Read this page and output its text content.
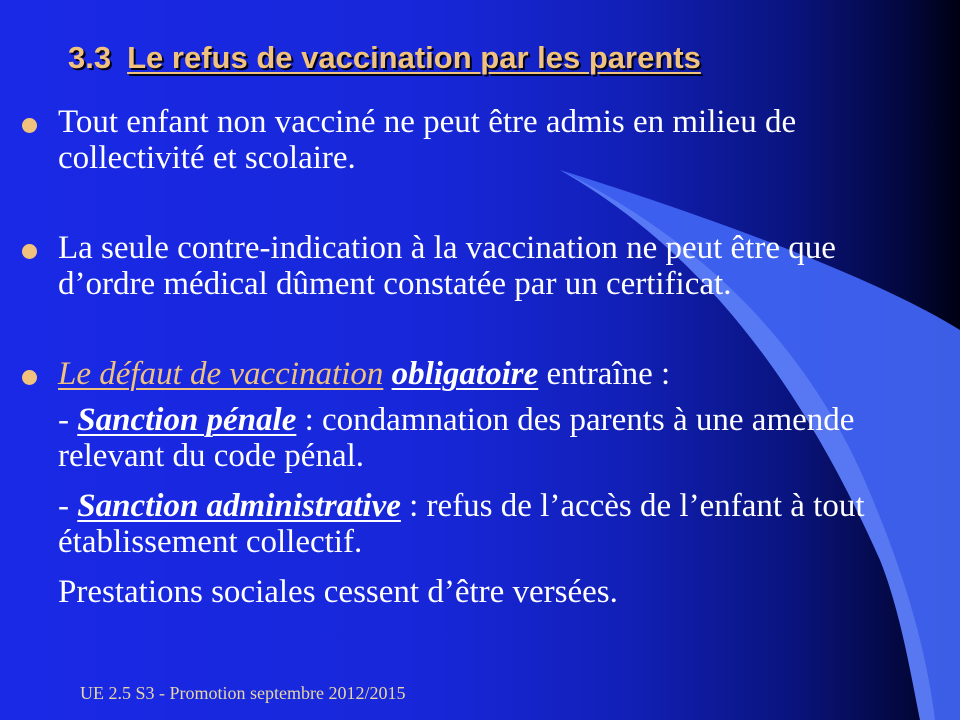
3.3 Le refus de vaccination par les parents

Tout enfant non vacciné ne peut être admis en milieu de collectivité et scolaire.

La seule contre-indication à la vaccination ne peut être que d’ordre médical dûment constatée par un certificat.

Le défaut de vaccination obligatoire entraîne :

- Sanction pénale : condamnation des parents à une amende relevant du code pénal.

- Sanction administrative : refus de l’accès de l’enfant à tout établissement collectif.

Prestations sociales cessent d’être versées.

UE 2.5 S3 - Promotion septembre 2012/2015
